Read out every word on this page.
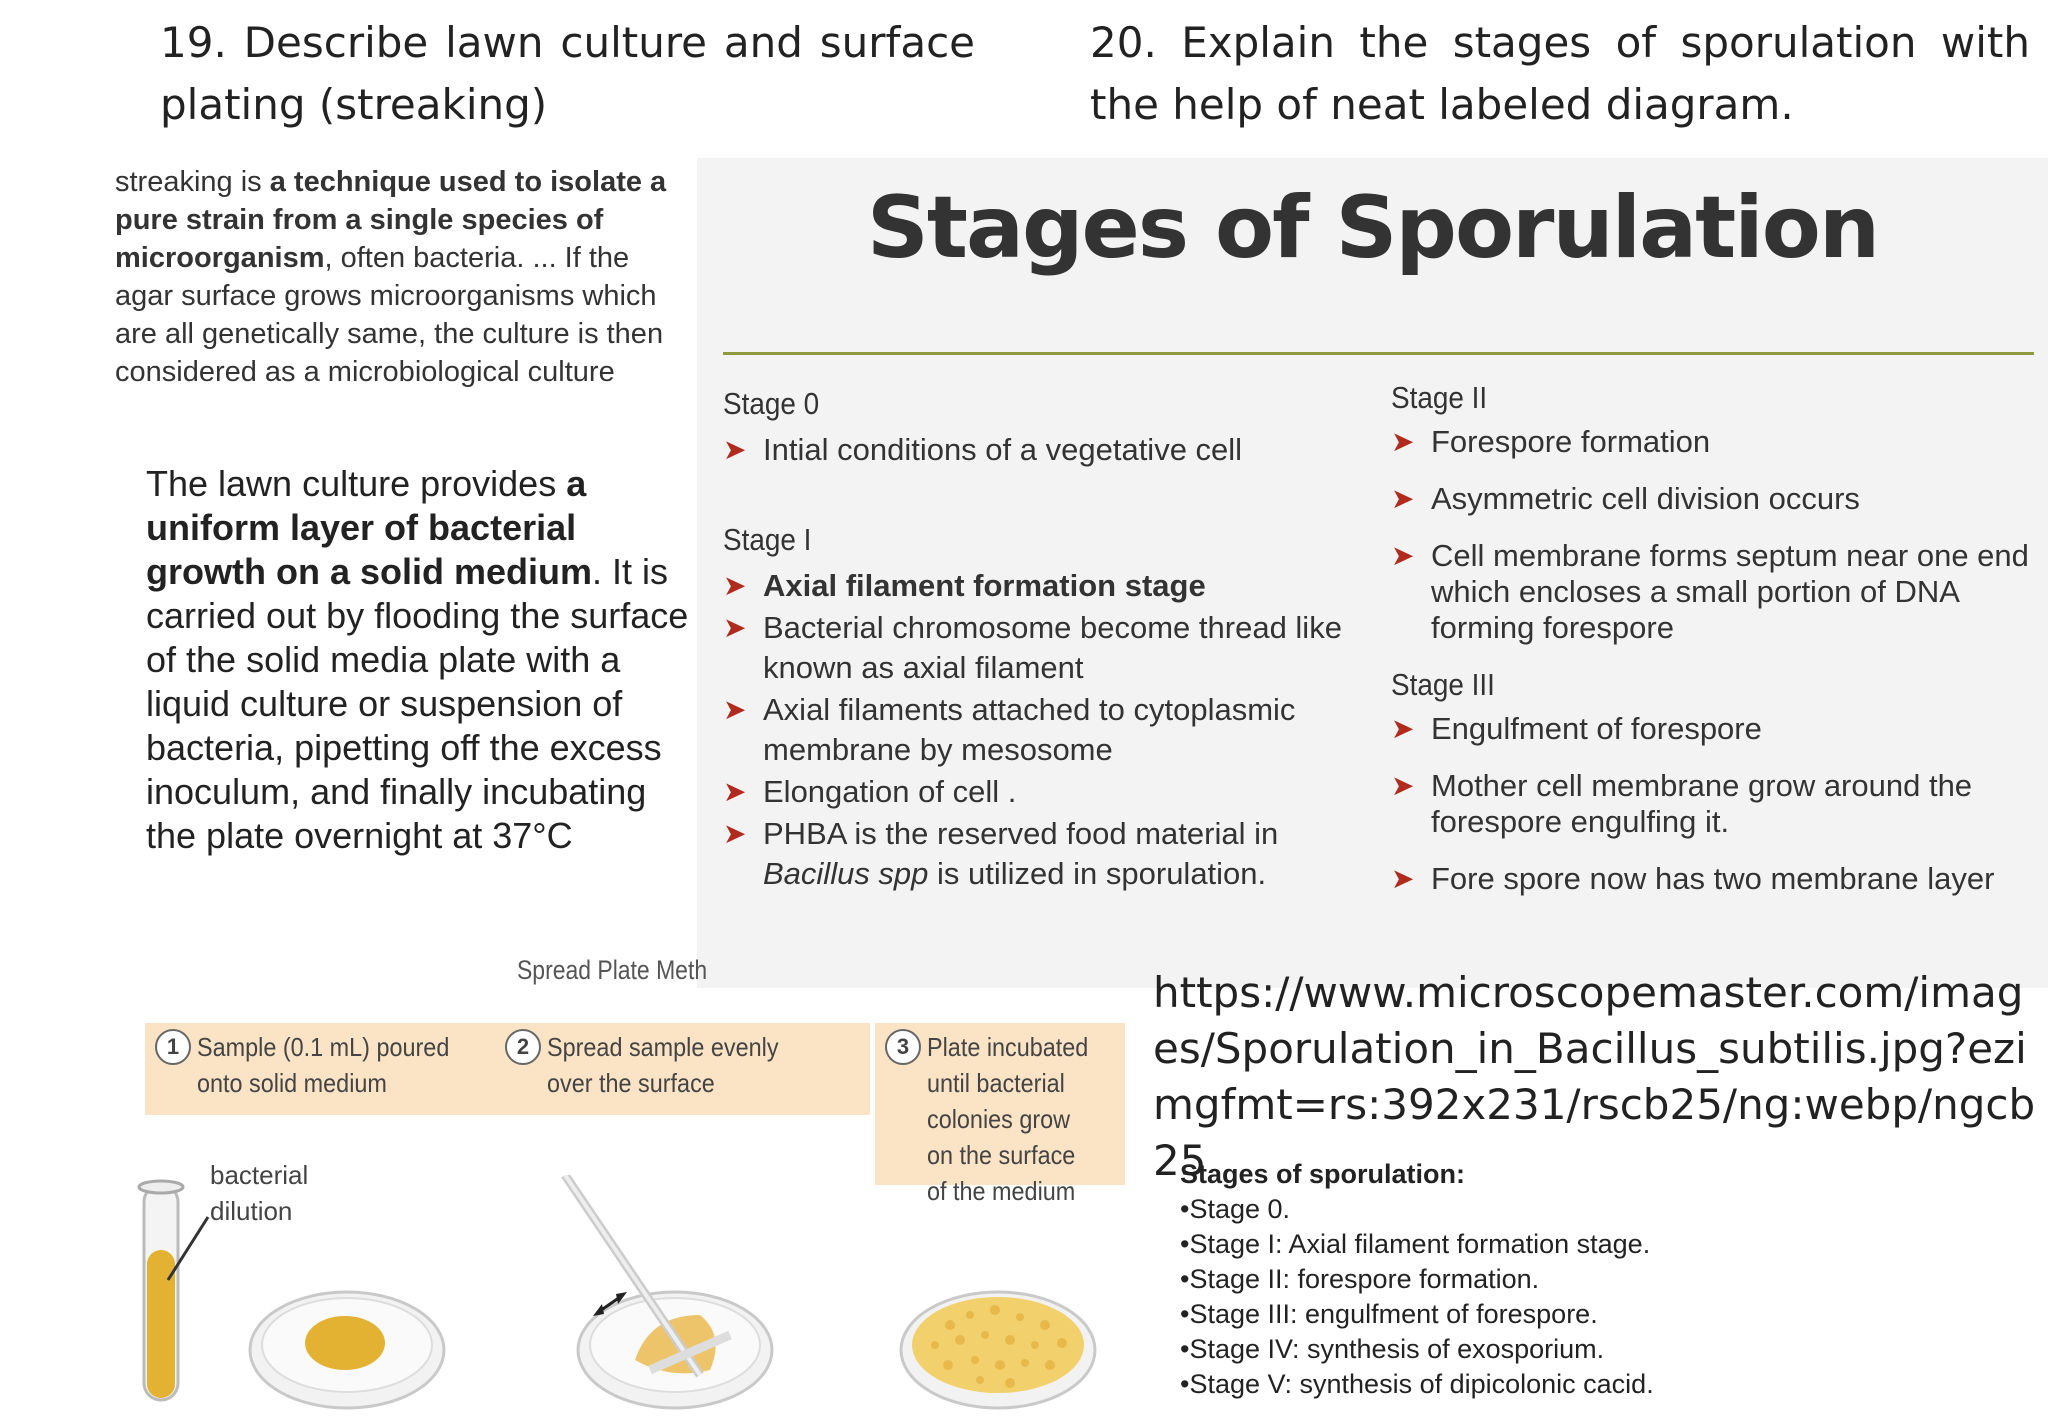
19. Describe lawn culture and surface plating (streaking)
20. Explain the stages of sporulation with the help of neat labeled diagram.
streaking is a technique used to isolate a pure strain from a single species of microorganism, often bacteria. ... If the agar surface grows microorganisms which are all genetically same, the culture is then considered as a microbiological culture
The lawn culture provides a uniform layer of bacterial growth on a solid medium. It is carried out by flooding the surface of the solid media plate with a liquid culture or suspension of bacteria, pipetting off the excess inoculum, and finally incubating the plate overnight at 37°C
Stages of Sporulation
Stage 0
➤ Intial conditions of a vegetative cell
Stage I
➤ Axial filament formation stage
➤ Bacterial chromosome become thread like known as axial filament
➤ Axial filaments attached to cytoplasmic membrane by mesosome
➤ Elongation of cell .
➤ PHBA is the reserved food material in Bacillus spp is utilized in sporulation.
Stage II
➤ Forespore formation
➤ Asymmetric cell division occurs
➤ Cell membrane forms septum near one end which encloses a small portion of DNA forming forespore
Stage III
➤ Engulfment of forespore
➤ Mother cell membrane grow around the forespore engulfing it.
➤ Fore spore now has two membrane layer
https://www.microscopemaster.com/images/Sporulation_in_Bacillus_subtilis.jpg?ezimgfmt=rs:392x231/rscb25/ng:webp/ngcb25
Stages of sporulation:
• Stage 0.
• Stage I: Axial filament formation stage.
• Stage II: forespore formation.
• Stage III: engulfment of forespore.
• Stage IV: synthesis of exosporium.
• Stage V: synthesis of dipicolonic cacid.
Spread Plate Meth
1 Sample (0.1 mL) poured onto solid medium
2 Spread sample evenly over the surface
3 Plate incubated until bacterial colonies grow on the surface of the medium
bacterial dilution
